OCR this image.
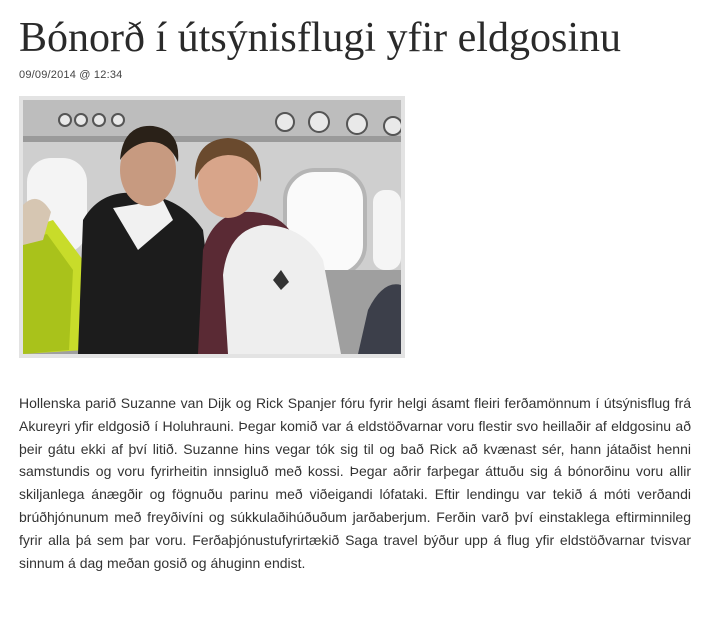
Bónorð í útsýnisflugi yfir eldgosinu
09/09/2014 @ 12:34

Hollenska parið Suzanne van Dijk og Rick Spanjer fóru fyrir helgi ásamt fleiri ferðamönnum í útsýnisflug frá Akureyri yfir eldgosið í Holuhrauni. Þegar komið var á eldstöðvarnar voru flestir svo heillaðir af eldgosinu að þeir gátu ekki af því litið. Suzanne hins vegar tók sig til og bað Rick að kvænast sér, hann játaðist henni samstundis og voru fyrirheitin innsigluð með kossi. Þegar aðrir farþegar áttuðu sig á bónorðinu voru allir skiljanlega ánægðir og fögnuðu parinu með viðeigandi lófataki. Eftir lendingu var tekið á móti verðandi brúðhjónunum með freyðivíni og súkkulaðihúðuðum jarðaberjum. Ferðin varð því einstaklega eftirminnileg fyrir alla þá sem þar voru. Ferðaþjónustufyrirtækið Saga travel býður upp á flug yfir eldstöðvarnar tvisvar sinnum á dag meðan gosið og áhuginn endist.
